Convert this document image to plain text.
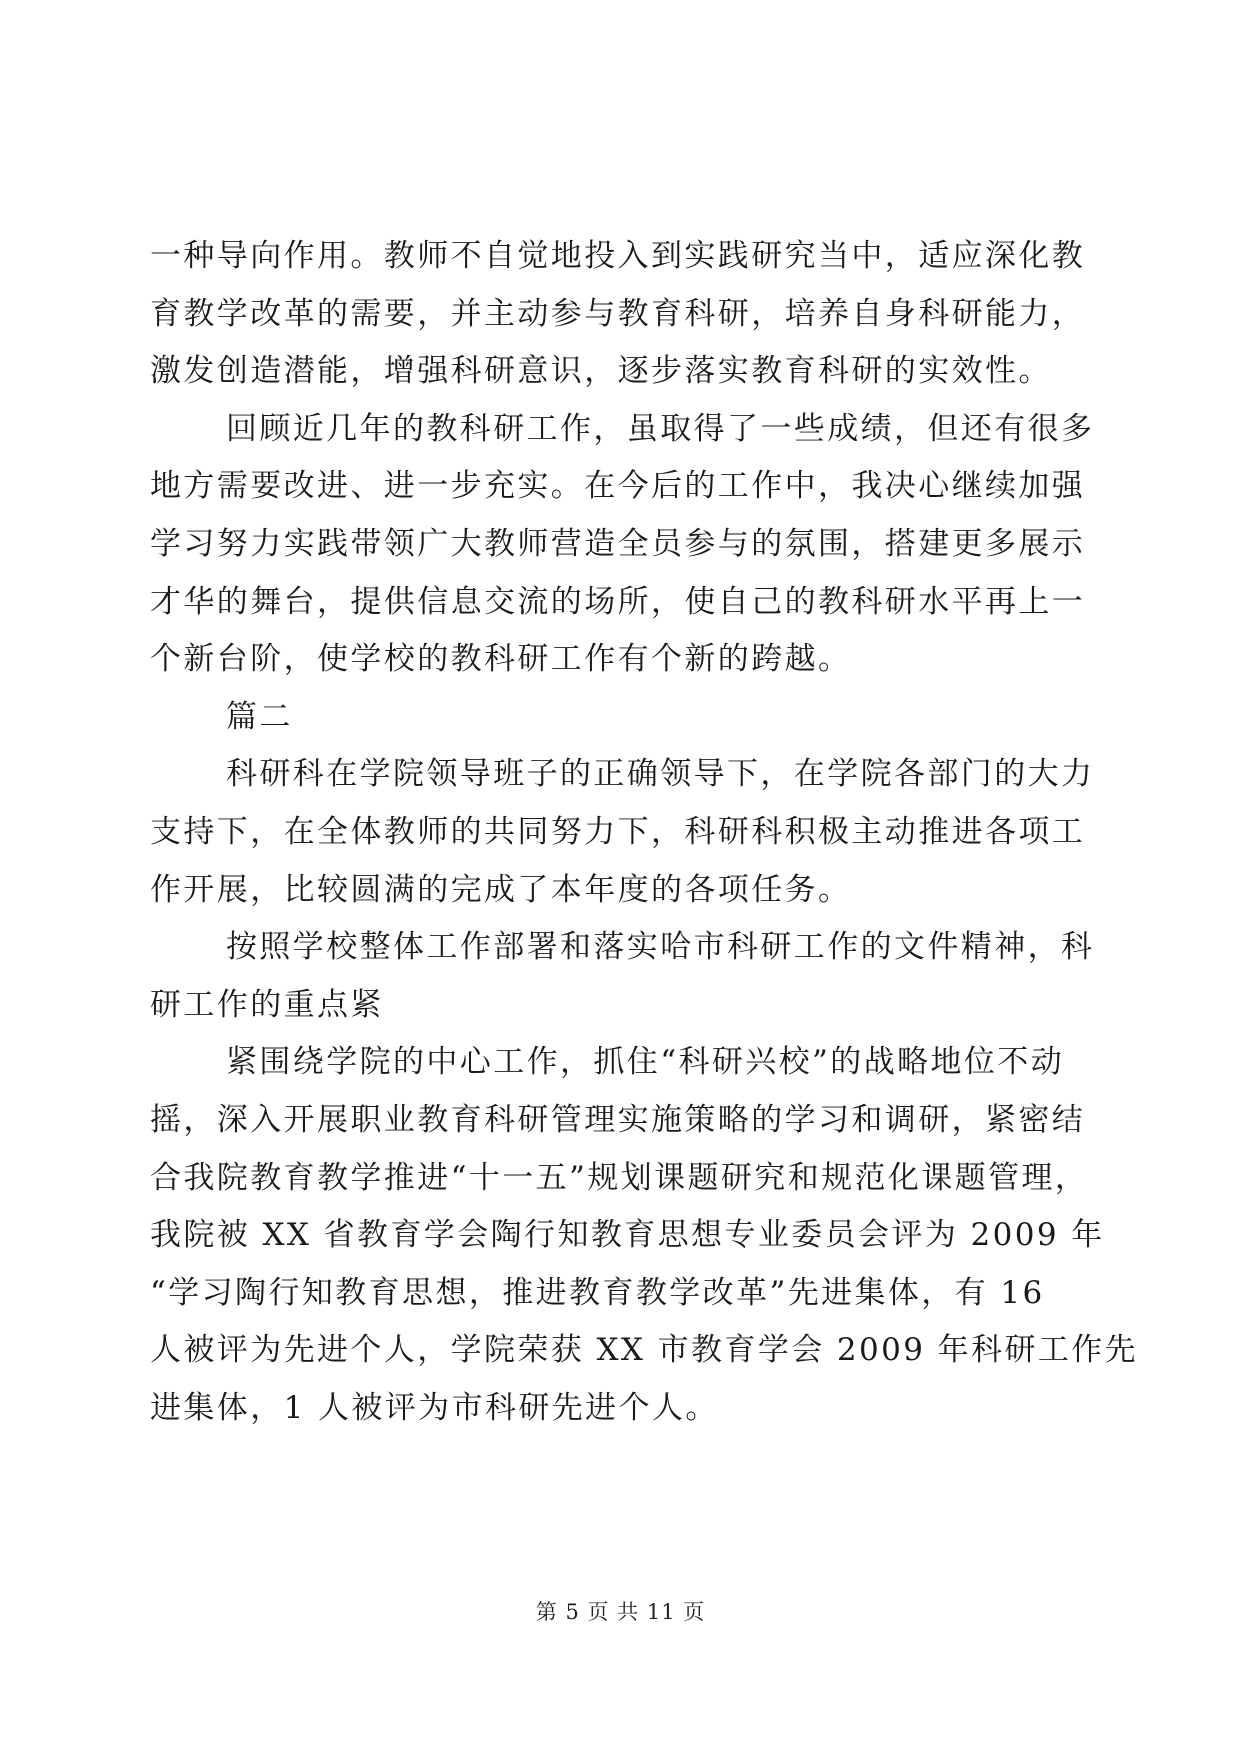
一种导向作用。教师不自觉地投入到实践研究当中，适应深化教
育教学改革的需要，并主动参与教育科研，培养自身科研能力，
激发创造潜能，增强科研意识，逐步落实教育科研的实效性。
回顾近几年的教科研工作，虽取得了一些成绩，但还有很多
地方需要改进、进一步充实。在今后的工作中，我决心继续加强
学习努力实践带领广大教师营造全员参与的氛围，搭建更多展示
才华的舞台，提供信息交流的场所，使自己的教科研水平再上一
个新台阶，使学校的教科研工作有个新的跨越。
篇二
科研科在学院领导班子的正确领导下，在学院各部门的大力
支持下，在全体教师的共同努力下，科研科积极主动推进各项工
作开展，比较圆满的完成了本年度的各项任务。
按照学校整体工作部署和落实哈市科研工作的文件精神，科
研工作的重点紧
紧围绕学院的中心工作，抓住“科研兴校”的战略地位不动
摇，深入开展职业教育科研管理实施策略的学习和调研，紧密结
合我院教育教学推进“十一五”规划课题研究和规范化课题管理，
我院被 XX 省教育学会陶行知教育思想专业委员会评为 2009 年
“学习陶行知教育思想，推进教育教学改革”先进集体，有 16
人被评为先进个人，学院荣获 XX 市教育学会 2009 年科研工作先
进集体，1 人被评为市科研先进个人。
第 5 页 共 11 页
